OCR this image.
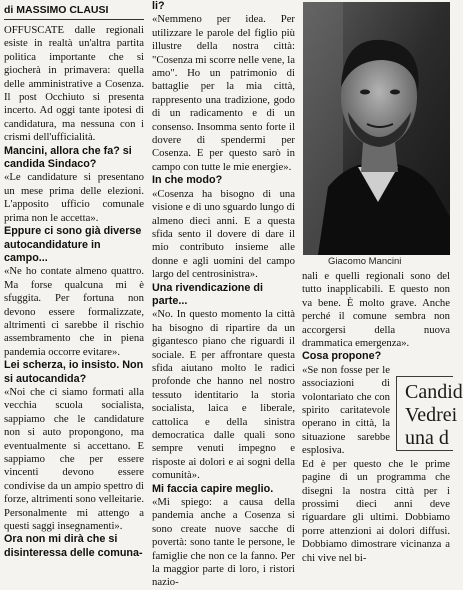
di MASSIMO CLAUSI

OFFUSCATE dalle regionali esiste in realtà un'altra partita politica importante che si giocherà in primavera: quella delle amministrative a Cosenza. Il post Occhiuto si presenta incerto. Ad oggi tante ipotesi di candidatura, ma nessuna con i crismi dell'ufficialità.

Mancini, allora che fa? si candida Sindaco?

«Le candidature si presentano un mese prima delle elezioni. L'apposito ufficio comunale prima non le accetta».

Eppure ci sono già diverse autocandidature in campo...

«Ne ho contate almeno quattro. Ma forse qualcuna mi è sfuggita. Per fortuna non devono essere formalizzate, altrimenti ci sarebbe il rischio assembramento che in piena pandemia occorre evitare».

Lei scherza, io insisto. Non si autocandida?

«Noi che ci siamo formati alla vecchia scuola socialista, sappiamo che le candidature non si auto propongono, ma eventualmente si accettano. E sappiamo che per essere vincenti devono essere condivise da un ampio spettro di forze, altrimenti sono velleitarie. Personalmente mi attengo a questi saggi insegnamenti».

Ora non mi dirà che si disinteressa delle comuna-

li?

«Nemmeno per idea. Per utilizzare le parole del figlio più illustre della nostra città: "Cosenza mi scorre nelle vene, la amo". Ho un patrimonio di battaglie per la mia città, rappresento una tradizione, godo di un radicamento e di un consenso. Insomma sento forte il dovere di spendermi per Cosenza. E per questo sarò in campo con tutte le mie energie».

In che modo?

«Cosenza ha bisogno di una visione e di uno sguardo lungo di almeno dieci anni. E a questa sfida sento il dovere di dare il mio contributo insieme alle donne e agli uomini del campo largo del centrosinistra».

Una rivendicazione di parte...

«No. In questo momento la città ha bisogno di ripartire da un gigantesco piano che riguardi il sociale. E per affrontare questa sfida aiutano molto le radici profonde che hanno nel nostro tessuto identitario la storia socialista, laica e liberale, cattolica e della sinistra democratica dalle quali sono sempre venuti impegno e risposte ai dolori e ai sogni della comunità».

Mi faccia capire meglio.

«Mi spiego: a causa della pandemia anche a Cosenza si sono create nuove sacche di povertà: sono tante le persone, le famiglie che non ce la fanno. Per la maggior parte di loro, i ristori nazio-

Giacomo Mancini

nali e quelli regionali sono del tutto inapplicabili. E questo non va bene. È molto grave. Anche perché il comune sembra non accorgersi della nuova drammatica emergenza».

Cosa propone?

«Se non fosse per le associazioni di volontariato che con spirito caritatevole operano in città, la situazione sarebbe esplosiva.

Ed è per questo che le prime pagine di un programma che disegni la nostra città per i prossimi dieci anni deve riguardare gli ultimi. Dobbiamo porre attenzioni ai dolori diffusi. Dobbiamo dimostrare vicinanza a chi vive nel bi-

Candid
Vedrei
una d
